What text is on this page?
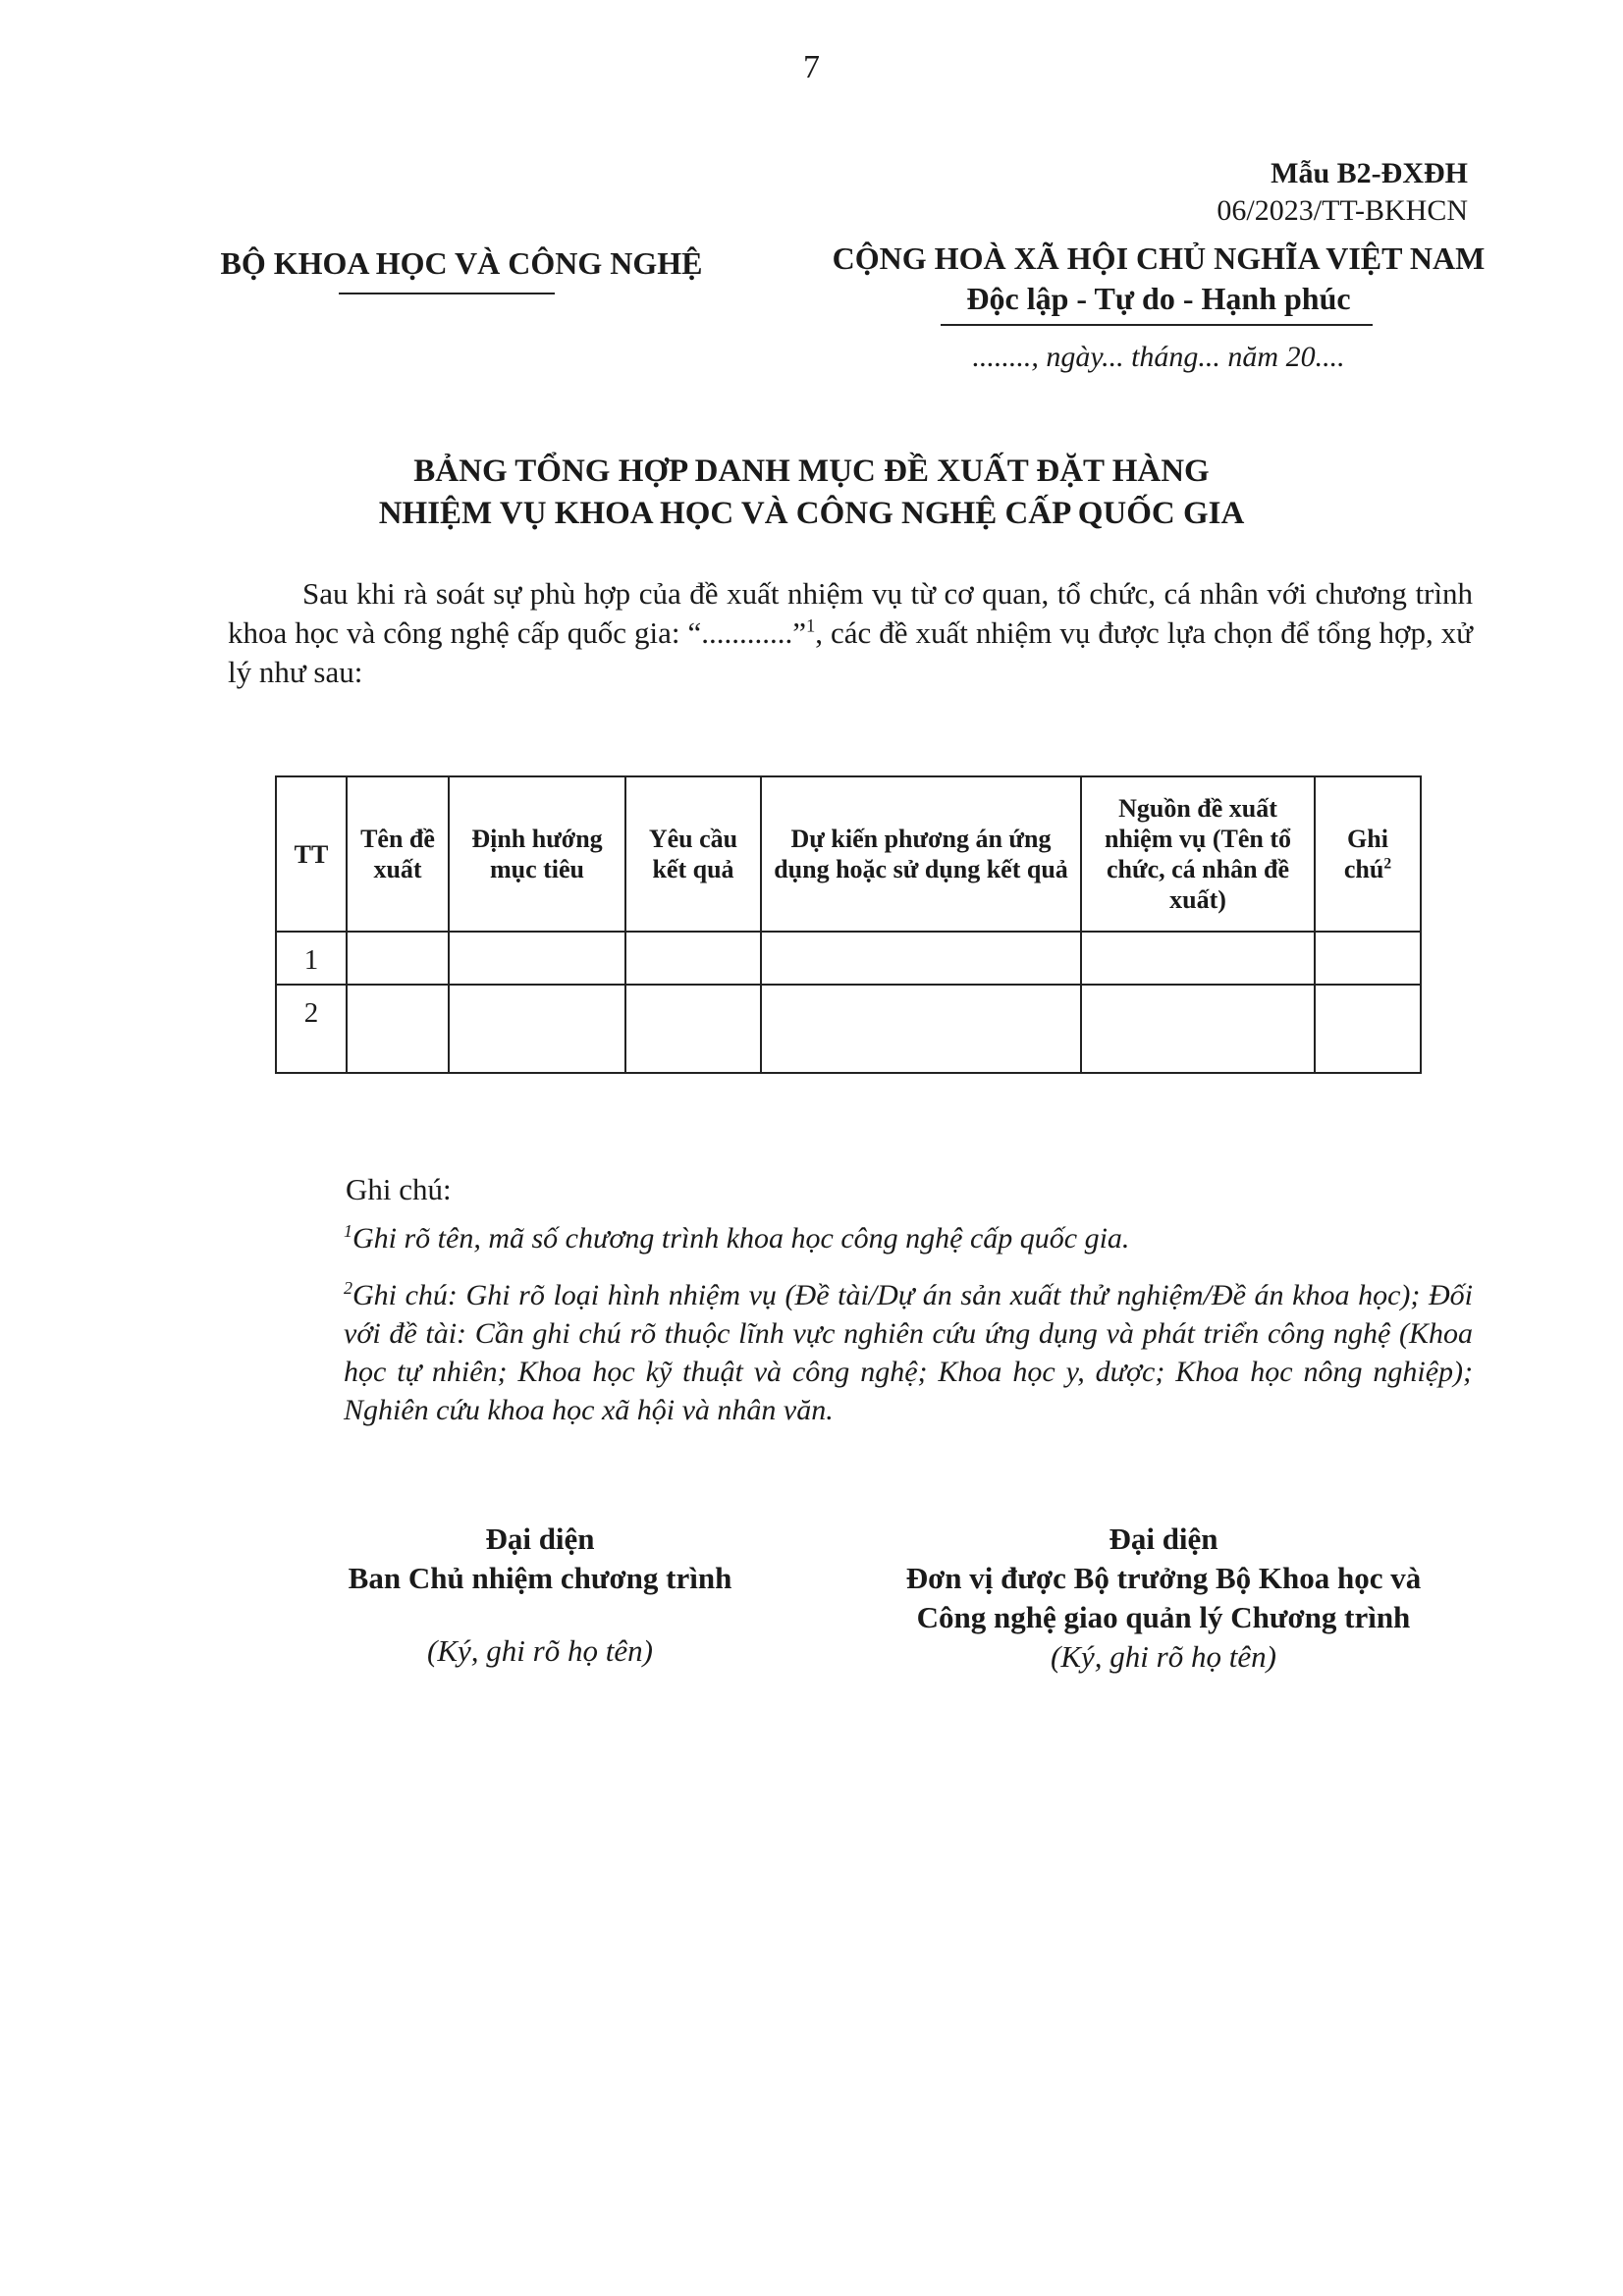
7
Mẫu B2-ĐXĐH
06/2023/TT-BKHCN
BỘ KHOA HỌC VÀ CÔNG NGHỆ	CỘNG HOÀ XÃ HỘI CHỦ NGHĨA VIỆT NAM
Độc lập - Tự do - Hạnh phúc
........, ngày... tháng... năm 20....
BẢNG TỔNG HỢP DANH MỤC ĐỀ XUẤT ĐẶT HÀNG
NHIỆM VỤ KHOA HỌC VÀ CÔNG NGHỆ CẤP QUỐC GIA
Sau khi rà soát sự phù hợp của đề xuất nhiệm vụ từ cơ quan, tổ chức, cá nhân với chương trình khoa học và công nghệ cấp quốc gia: “............”$^1$, các đề xuất nhiệm vụ được lựa chọn để tổng hợp, xử lý như sau:
TT	Tên đề xuất	Định hướng mục tiêu	Yêu cầu kết quả	Dự kiến phương án ứng dụng hoặc sử dụng kết quả	Nguồn đề xuất nhiệm vụ (Tên tổ chức, cá nhân đề xuất)	Ghi chú$^2$
1						
2						
Ghi chú:
$^1$Ghi rõ tên, mã số chương trình khoa học công nghệ cấp quốc gia.
$^2$Ghi chú: Ghi rõ loại hình nhiệm vụ (Đề tài/Dự án sản xuất thử nghiệm/Đề án khoa học); Đối với đề tài: Cần ghi chú rõ thuộc lĩnh vực nghiên cứu ứng dụng và phát triển công nghệ (Khoa học tự nhiên; Khoa học kỹ thuật và công nghệ; Khoa học y, dược; Khoa học nông nghiệp); Nghiên cứu khoa học xã hội và nhân văn.
Đại diện
Ban Chủ nhiệm chương trình
(Ký, ghi rõ họ tên)
Đại diện
Đơn vị được Bộ trưởng Bộ Khoa học và
Công nghệ giao quản lý Chương trình
(Ký, ghi rõ họ tên)
